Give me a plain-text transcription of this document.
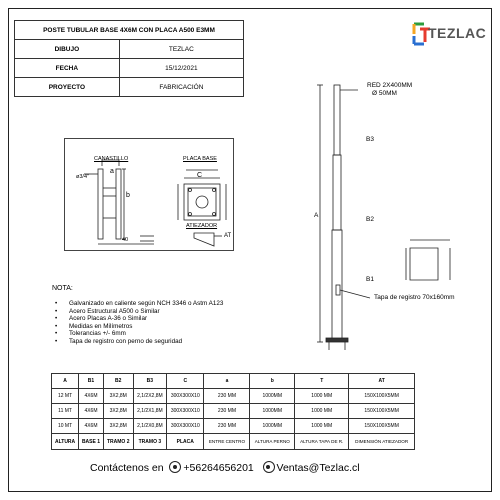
POSTE TUBULAR BASE 4X6M CON PLACA A500 E3MM	
DIBUJO	TEZLAC
FECHA	15/12/2021
PROYECTO	FABRICACIÓN
TEZLAC
CANASTILLO	PLACA BASE
ATIEZADOR
ø3/4"
a
b
C
40
AT
RED 2X400MM
Ø 50MM
B3
B2
B1
A
Tapa de registro 70x160mm
NOTA:
• Galvanizado en caliente según NCH 3346 o Astm A123
• Acero Estructural A500 o Similar
• Acero Placas A-36 o Similar
• Medidas en Milímetros
• Tolerancias +/- 6mm
• Tapa de registro con perno de seguridad
A	B1	B2	B3	C	a	b	T	AT
12 MT	4X6M	3X2,8M	2,1/2X2,8M	300X300X10	230 MM	1000MM	1000 MM	150X100X5MM
11 MT	4X6M	3X2,8M	2,1/2X1,8M	300X300X10	230 MM	1000MM	1000 MM	150X100X5MM
10 MT	4X6M	3X2,8M	2,1/2X0,8M	300X300X10	230 MM	1000MM	1000 MM	150X100X5MM
ALTURA	BASE 1	TRAMO 2	TRAMO 3	PLACA	ENTRE CENTRO	ALTURA PERNO	ALTURA TAPA DE R.	DIMENSIÓN ATIEZADOR
Contáctenos en +56264656201 Ventas@Tezlac.cl
